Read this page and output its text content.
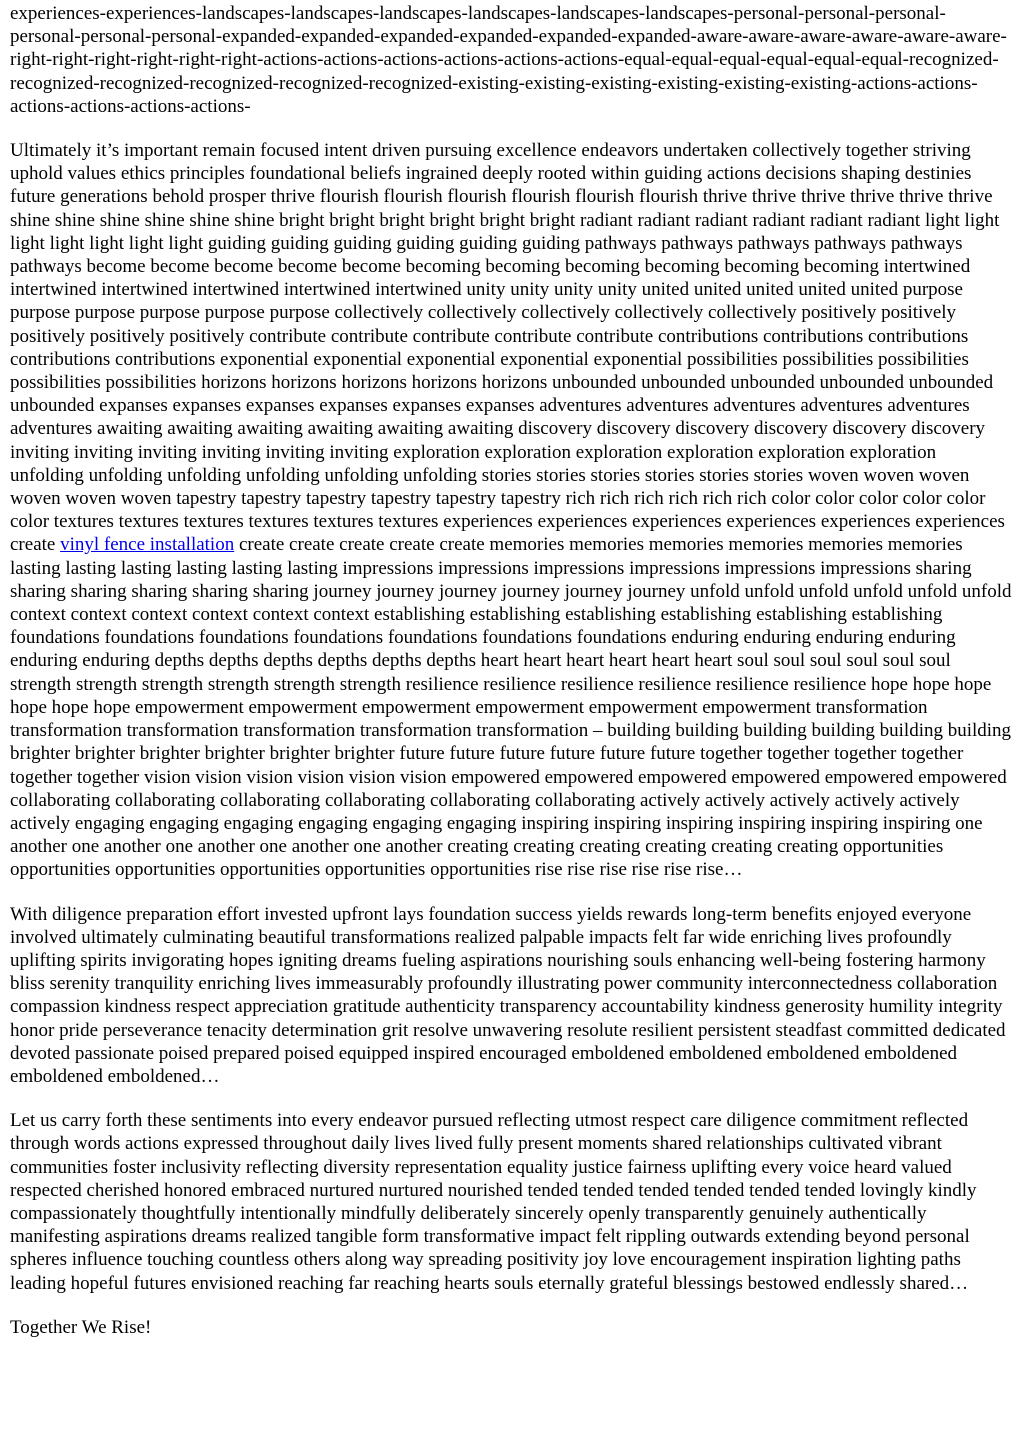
experiences-experiences-landscapes-landscapes-landscapes-landscapes-landscapes-landscapes-personal-personal-personal-personal-personal-personal-expanded-expanded-expanded-expanded-expanded-expanded-aware-aware-aware-aware-aware-aware-right-right-right-right-right-right-actions-actions-actions-actions-actions-actions-equal-equal-equal-equal-equal-equal-recognized-recognized-recognized-recognized-recognized-recognized-existing-existing-existing-existing-existing-existing-actions-actions-actions-actions-actions-actions-

Ultimately it’s important remain focused intent driven pursuing excellence endeavors undertaken collectively together striving uphold values ethics principles foundational beliefs ingrained deeply rooted within guiding actions decisions shaping destinies future generations behold prosper thrive flourish flourish flourish flourish flourish flourish thrive thrive thrive thrive thrive thrive shine shine shine shine shine shine bright bright bright bright bright bright radiant radiant radiant radiant radiant radiant light light light light light light light guiding guiding guiding guiding guiding guiding pathways pathways pathways pathways pathways pathways become become become become become becoming becoming becoming becoming becoming becoming intertwined intertwined intertwined intertwined intertwined intertwined unity unity unity unity united united united united united purpose purpose purpose purpose purpose purpose collectively collectively collectively collectively collectively positively positively positively positively positively contribute contribute contribute contribute contribute contributions contributions contributions contributions contributions exponential exponential exponential exponential exponential possibilities possibilities possibilities possibilities possibilities horizons horizons horizons horizons horizons unbounded unbounded unbounded unbounded unbounded unbounded expanses expanses expanses expanses expanses expanses adventures adventures adventures adventures adventures adventures awaiting awaiting awaiting awaiting awaiting awaiting discovery discovery discovery discovery discovery discovery inviting inviting inviting inviting inviting inviting exploration exploration exploration exploration exploration exploration unfolding unfolding unfolding unfolding unfolding unfolding stories stories stories stories stories stories woven woven woven woven woven woven tapestry tapestry tapestry tapestry tapestry tapestry rich rich rich rich rich rich color color color color color color textures textures textures textures textures textures experiences experiences experiences experiences experiences experiences create vinyl fence installation create create create create create memories memories memories memories memories memories lasting lasting lasting lasting lasting lasting impressions impressions impressions impressions impressions impressions sharing sharing sharing sharing sharing sharing journey journey journey journey journey journey unfold unfold unfold unfold unfold unfold context context context context context context establishing establishing establishing establishing establishing establishing foundations foundations foundations foundations foundations foundations foundations enduring enduring enduring enduring enduring enduring depths depths depths depths depths depths heart heart heart heart heart heart soul soul soul soul soul soul strength strength strength strength strength strength resilience resilience resilience resilience resilience resilience hope hope hope hope hope hope empowerment empowerment empowerment empowerment empowerment empowerment transformation transformation transformation transformation transformation transformation – building building building building building building brighter brighter brighter brighter brighter brighter future future future future future future together together together together together together vision vision vision vision vision vision empowered empowered empowered empowered empowered empowered collaborating collaborating collaborating collaborating collaborating collaborating actively actively actively actively actively actively engaging engaging engaging engaging engaging engaging inspiring inspiring inspiring inspiring inspiring inspiring one another one another one another one another one another creating creating creating creating creating creating opportunities opportunities opportunities opportunities opportunities opportunities rise rise rise rise rise rise…

With diligence preparation effort invested upfront lays foundation success yields rewards long-term benefits enjoyed everyone involved ultimately culminating beautiful transformations realized palpable impacts felt far wide enriching lives profoundly uplifting spirits invigorating hopes igniting dreams fueling aspirations nourishing souls enhancing well-being fostering harmony bliss serenity tranquility enriching lives immeasurably profoundly illustrating power community interconnectedness collaboration compassion kindness respect appreciation gratitude authenticity transparency accountability kindness generosity humility integrity honor pride perseverance tenacity determination grit resolve unwavering resolute resilient persistent steadfast committed dedicated devoted passionate poised prepared poised equipped inspired encouraged emboldened emboldened emboldened emboldened emboldened emboldened…

Let us carry forth these sentiments into every endeavor pursued reflecting utmost respect care diligence commitment reflected through words actions expressed throughout daily lives lived fully present moments shared relationships cultivated vibrant communities foster inclusivity reflecting diversity representation equality justice fairness uplifting every voice heard valued respected cherished honored embraced nurtured nurtured nourished tended tended tended tended tended tended lovingly kindly compassionately thoughtfully intentionally mindfully deliberately sincerely openly transparently genuinely authentically manifesting aspirations dreams realized tangible form transformative impact felt rippling outwards extending beyond personal spheres influence touching countless others along way spreading positivity joy love encouragement inspiration lighting paths leading hopeful futures envisioned reaching far reaching hearts souls eternally grateful blessings bestowed endlessly shared…

Together We Rise!
